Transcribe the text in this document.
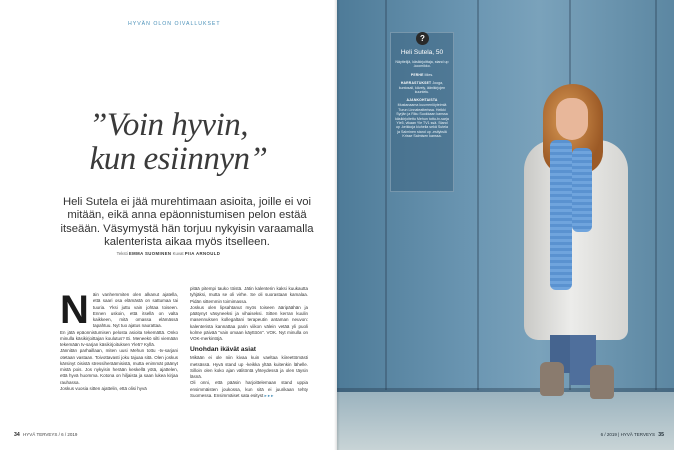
HYVÄN OLON OIVALLUKSET
”Voin hyvin,

kun esiinnyn”

Heli Sutela ei jää murehtimaan asioita, joille ei voi mitään, eikä anna epäonnistumisen pelon estää itseään. Väsymystä hän torjuu nykyisin varaamalla kalenterista aikaa myös itselleen.

Teksti EMMA SUOMINEN Kuvat PIIA ARNOULD
N äin vanhemmiten olen alkanut ajatella, että saari osa elämästä on sattumaa tai tuuria. Yksi juttu vain johtaa toiseen. Ennen uskoin, että itsellä on valta kaikkeen, mitä omassa elämässä tapahtuu. Nyt tuo ajatus naurattaa.

En jätä epäonnistumisen pelosta asioita tekemättä. Onko minulla käsikirjoittajan koulutus? Ei. Meneekö silti viemään tekemään tv-sarjan käsikirjoituksen Yle5? Kyllä.

Jännitän parhaillaan, miten uusi Mehun tottu -tv-sarjani otetaan vastaan. Toivottavasti joku tajuaa sitä. Olen joskus kärsinyt öisistä stressiheräämisistä, mutta enimmät päänyt mistä pois. Jos nykyisin herään keskellä yötä, ajattelen, että hyvä huomma. Kotona on hiljaista ja saan lukea kirjaa rauhassa.

Joskus vuosia sitten ajattelin, että olisi hyvä

pitää pitempi tauko töistä. Jätin kalenterin kaksi kuukautta tyhjäksi, mutta se oli virhe. Se oli suorastaan kamalaa. Pidän sittemmin toimimassa.

Joskus olen lipsahtanut myös toiseen ääripäähän ja päätynyt väsyneeksi ja vihaiseksi. Sitten kerran kuulin masennuksen kollegaltani terapeutin antaman neuvon: kalenterista kannattaa parin viikon välein vetää yli puoli kolme päivää "vain omaan käyttöön". VOK. Nyt minulla on VOK-merkintöjä.

Unohdan ikävät asiat

Mikään ei ole niin kivaa kuin vaeltaa kiireettömästi metsässä. Hyvä stand up -keikka yltää kuitenkin lähelle. Silloin olen koko ajan välitöntä yhteydessä ja olen täysin läsnä.

Oli onni, että pääsin harjoittelemaan stand uppia ensimmäisten joukossa, kun sitä ei juurikaan tehty Suomessa. Ensimmäiset sata esityst ▸▸▸

34 HYVÄ TERVEYS / 6 / 2019
?
Heli Sutela, 50
Näyttelijä, käsikirjoittaja, stand up -koomikko.
PERHE Mies.
HARRASTUKSET Jooga, kuntosali, kävely, äänikirjojen kuuntelu.
AJANKOHTAISTA
Mustanaama kuumeniöyteimiä Turun Linnateatterissa. Heikki Syrjän ja Riku Suokkaan kanssa käsikirjoitettu Mehun tottu-tv-sarja Yle5, vikaan Yle TV1 ssä. Stand up -keikkoja kiuhella sekä Sutela ja Salminen stand up -esityksiä Krisse Salmisen kanssa.
6 / 2019 | HYVÄ TERVEYS 35
